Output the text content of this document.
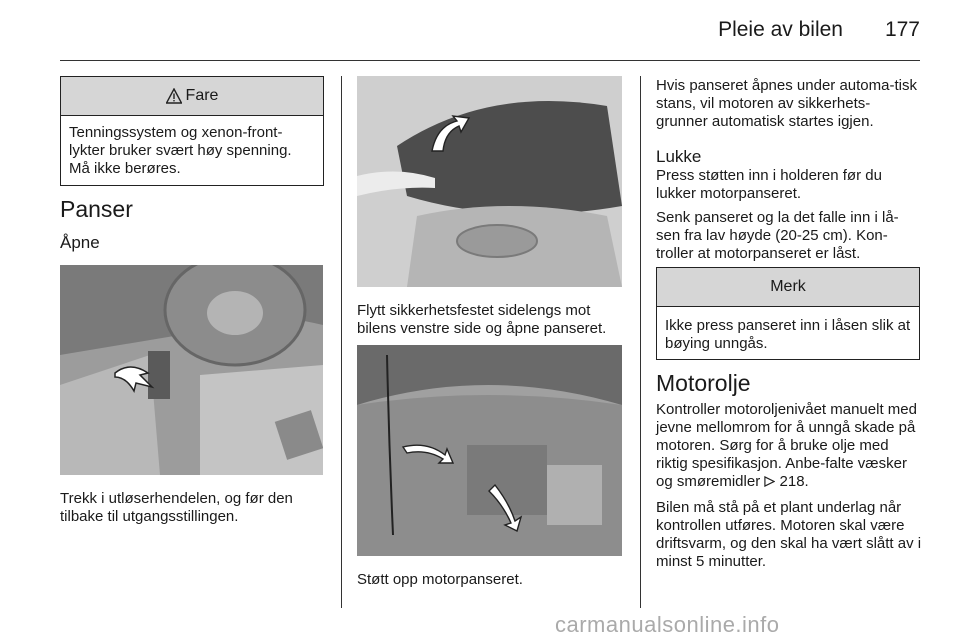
Pleie av bilen	177
Fare
Tenningssystem og xenon-front-lykter bruker svært høy spenning. Må ikke berøres.
Panser
Åpne

Trekk i utløserhendelen, og før den tilbake til utgangsstillingen.

Flytt sikkerhetsfestet sidelengs mot bilens venstre side og åpne panseret.

Støtt opp motorpanseret.

Hvis panseret åpnes under automa-tisk stans, vil motoren av sikkerhets-grunner automatisk startes igjen.

Lukke

Press støtten inn i holderen før du lukker motorpanseret.

Senk panseret og la det falle inn i lå-sen fra lav høyde (20-25 cm). Kon-troller at motorpanseret er låst.

Merk
Ikke press panseret inn i låsen slik at bøying unngås.
Motorolje

Kontroller motoroljenivået manuelt med jevne mellomrom for å unngå skade på motoren. Sørg for å bruke olje med riktig spesifikasjon. Anbe-falte væsker og smøremidler 218.

Bilen må stå på et plant underlag når kontrollen utføres. Motoren skal være driftsvarm, og den skal ha vært slått av i minst 5 minutter.

carmanualsonline.info
